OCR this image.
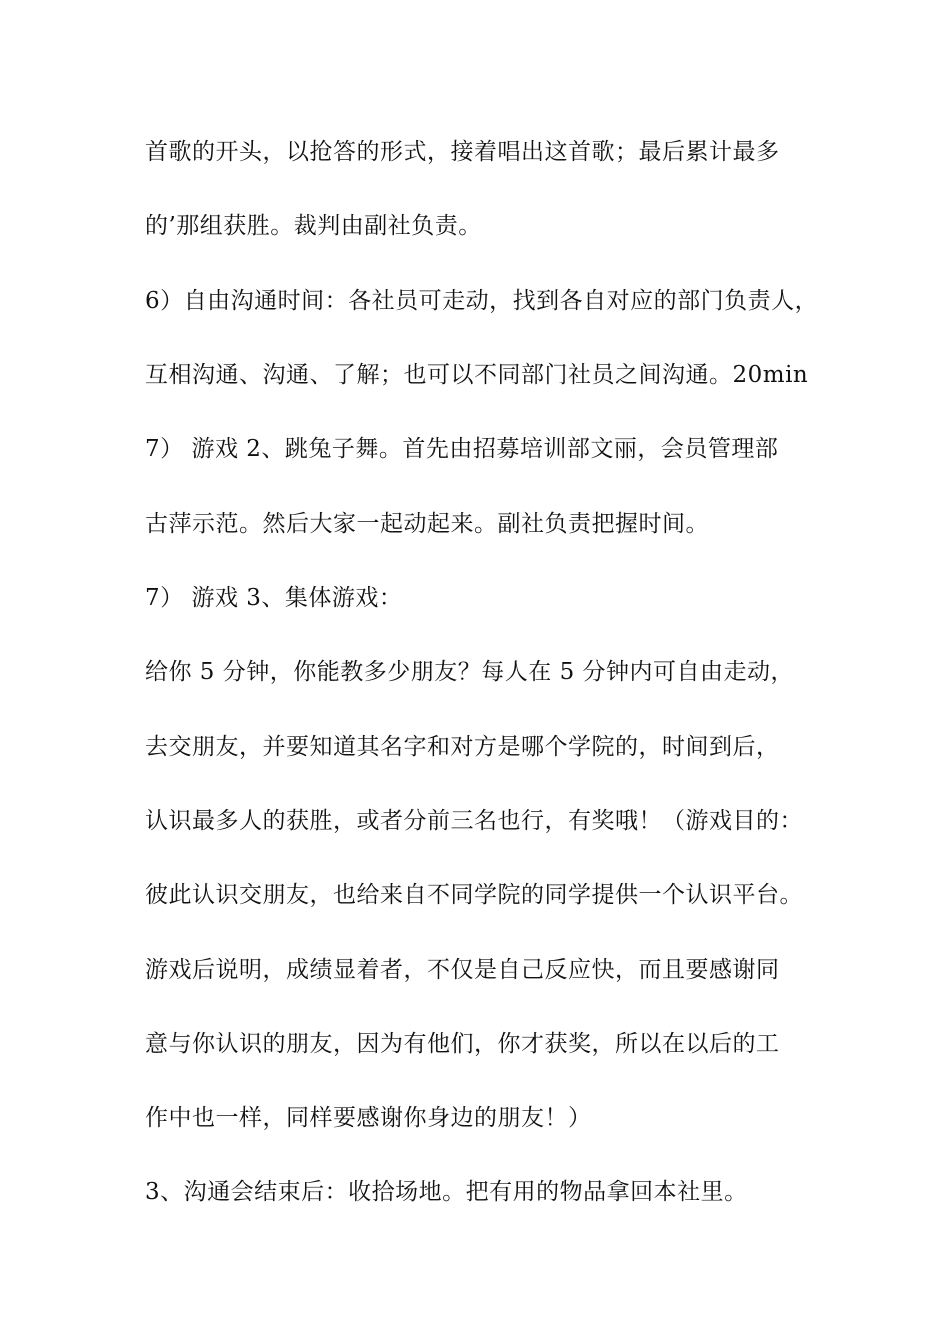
首歌的开头，以抢答的形式，接着唱出这首歌；最后累计最多
的’那组获胜。裁判由副社负责。
6）自由沟通时间：各社员可走动，找到各自对应的部门负责人，
互相沟通、沟通、了解；也可以不同部门社员之间沟通。20min
7） 游戏 2、跳兔子舞。首先由招募培训部文丽，会员管理部
古萍示范。然后大家一起动起来。副社负责把握时间。
7） 游戏 3、集体游戏：
给你 5 分钟，你能教多少朋友？每人在 5 分钟内可自由走动，
去交朋友，并要知道其名字和对方是哪个学院的，时间到后，
认识最多人的获胜，或者分前三名也行，有奖哦！（游戏目的：
彼此认识交朋友，也给来自不同学院的同学提供一个认识平台。
游戏后说明，成绩显着者，不仅是自己反应快，而且要感谢同
意与你认识的朋友，因为有他们，你才获奖，所以在以后的工
作中也一样，同样要感谢你身边的朋友！）
3、沟通会结束后：收拾场地。把有用的物品拿回本社里。
